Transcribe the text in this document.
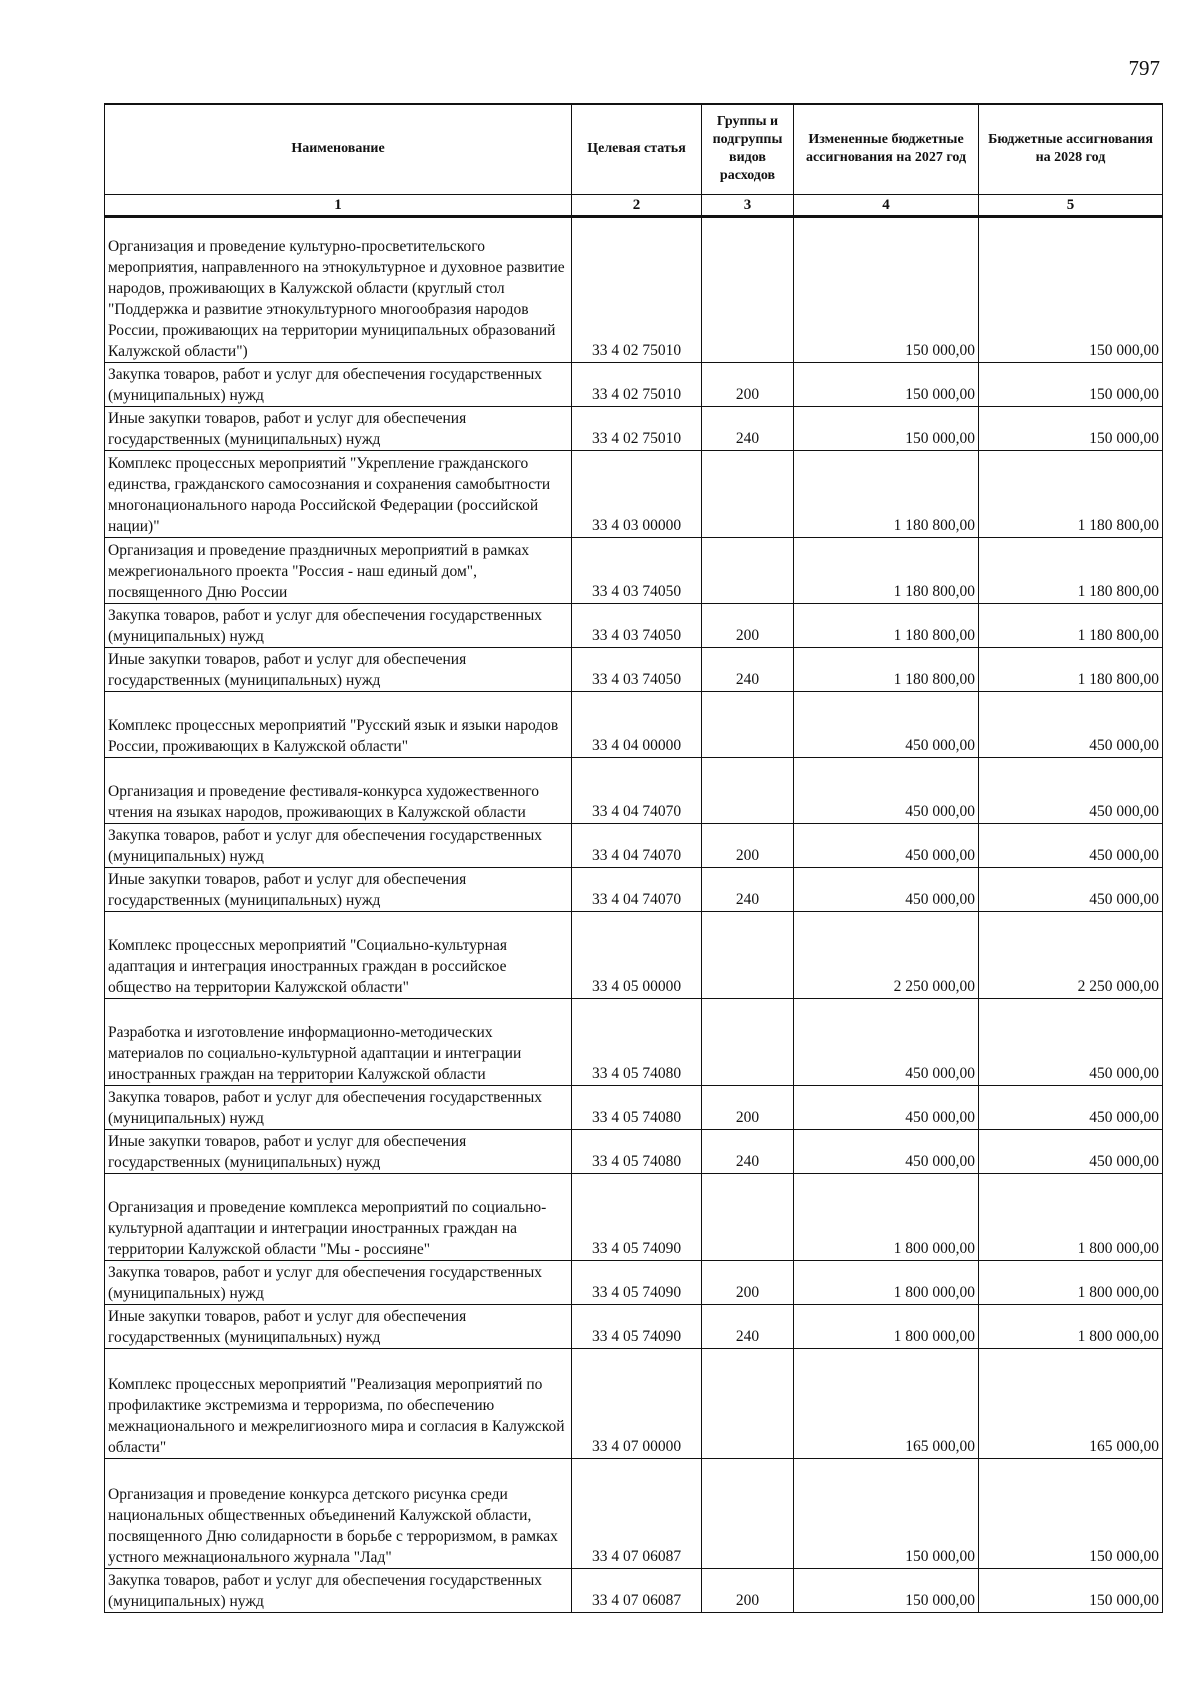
797
Наименование	Целевая статья	Группы и подгруппы видов расходов	Измененные бюджетные ассигнования на 2027 год	Бюджетные ассигнования на 2028 год
1	2	3	4	5
Организация и проведение культурно-просветительского мероприятия, направленного на этнокультурное и духовное развитие народов, проживающих в Калужской области (круглый стол "Поддержка и развитие этнокультурного многообразия народов России, проживающих на территории муниципальных образований Калужской области")	33 4 02 75010		150 000,00	150 000,00
Закупка товаров, работ и услуг для обеспечения государственных (муниципальных) нужд	33 4 02 75010	200	150 000,00	150 000,00
Иные закупки товаров, работ и услуг для обеспечения государственных (муниципальных) нужд	33 4 02 75010	240	150 000,00	150 000,00
Комплекс процессных мероприятий "Укрепление гражданского единства, гражданского самосознания и сохранения самобытности многонационального народа Российской Федерации (российской нации)"	33 4 03 00000		1 180 800,00	1 180 800,00
Организация и проведение праздничных мероприятий в рамках межрегионального проекта "Россия - наш единый дом", посвященного Дню России	33 4 03 74050		1 180 800,00	1 180 800,00
Закупка товаров, работ и услуг для обеспечения государственных (муниципальных) нужд	33 4 03 74050	200	1 180 800,00	1 180 800,00
Иные закупки товаров, работ и услуг для обеспечения государственных (муниципальных) нужд	33 4 03 74050	240	1 180 800,00	1 180 800,00
Комплекс процессных мероприятий "Русский язык и языки народов России, проживающих в Калужской области"	33 4 04 00000		450 000,00	450 000,00
Организация и проведение фестиваля-конкурса художественного чтения на языках народов, проживающих в Калужской области	33 4 04 74070		450 000,00	450 000,00
Закупка товаров, работ и услуг для обеспечения государственных (муниципальных) нужд	33 4 04 74070	200	450 000,00	450 000,00
Иные закупки товаров, работ и услуг для обеспечения государственных (муниципальных) нужд	33 4 04 74070	240	450 000,00	450 000,00
Комплекс процессных мероприятий "Социально-культурная адаптация и интеграция иностранных граждан в российское общество на территории Калужской области"	33 4 05 00000		2 250 000,00	2 250 000,00
Разработка и изготовление информационно-методических материалов по социально-культурной адаптации и интеграции иностранных граждан на территории Калужской области	33 4 05 74080		450 000,00	450 000,00
Закупка товаров, работ и услуг для обеспечения государственных (муниципальных) нужд	33 4 05 74080	200	450 000,00	450 000,00
Иные закупки товаров, работ и услуг для обеспечения государственных (муниципальных) нужд	33 4 05 74080	240	450 000,00	450 000,00
Организация и проведение комплекса мероприятий по социально-культурной адаптации и интеграции иностранных граждан на территории Калужской области "Мы - россияне"	33 4 05 74090		1 800 000,00	1 800 000,00
Закупка товаров, работ и услуг для обеспечения государственных (муниципальных) нужд	33 4 05 74090	200	1 800 000,00	1 800 000,00
Иные закупки товаров, работ и услуг для обеспечения государственных (муниципальных) нужд	33 4 05 74090	240	1 800 000,00	1 800 000,00
Комплекс процессных мероприятий "Реализация мероприятий по профилактике экстремизма и терроризма, по обеспечению межнационального и межрелигиозного мира и согласия в Калужской области"	33 4 07 00000		165 000,00	165 000,00
Организация и проведение конкурса детского рисунка среди национальных общественных объединений Калужской области, посвященного Дню солидарности в борьбе с терроризмом, в рамках устного межнационального журнала "Лад"	33 4 07 06087		150 000,00	150 000,00
Закупка товаров, работ и услуг для обеспечения государственных (муниципальных) нужд	33 4 07 06087	200	150 000,00	150 000,00
